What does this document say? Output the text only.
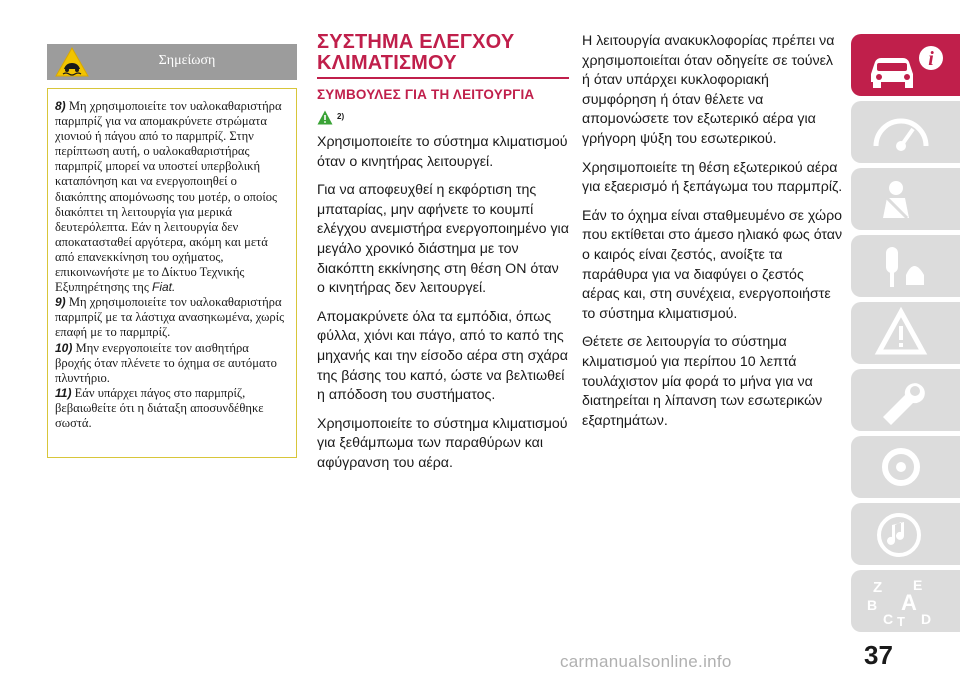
Σημείωση

8) Μη χρησιμοποιείτε τον υαλοκαθαριστήρα παρμπρίζ για να απομακρύνετε στρώματα χιονιού ή πάγου από το παρμπρίζ. Στην περίπτωση αυτή, ο υαλοκαθαριστήρας παρμπρίζ μπορεί να υποστεί υπερβολική καταπόνηση και να ενεργοποιηθεί ο διακόπτης απομόνωσης του μοτέρ, ο οποίος διακόπτει τη λειτουργία για μερικά δευτερόλεπτα. Εάν η λειτουργία δεν αποκατασταθεί αργότερα, ακόμη και μετά από επανεκκίνηση του οχήματος, επικοινωνήστε με το Δίκτυο Τεχνικής Εξυπηρέτησης της Fiat.

9) Μη χρησιμοποιείτε τον υαλοκαθαριστήρα παρμπρίζ με τα λάστιχα ανασηκωμένα, χωρίς επαφή με το παρμπρίζ.

10) Μην ενεργοποιείτε τον αισθητήρα βροχής όταν πλένετε το όχημα σε αυτόματο πλυντήριο.

11) Εάν υπάρχει πάγος στο παρμπρίζ, βεβαιωθείτε ότι η διάταξη αποσυνδέθηκε σωστά.

ΣΥΣΤΗΜΑ ΕΛΕΓΧΟΥ
ΚΛΙΜΑΤΙΣΜΟΥ
ΣΥΜΒΟΥΛΕΣ ΓΙΑ ΤΗ ΛΕΙΤΟΥΡΓΙΑ
2)

Χρησιμοποιείτε το σύστημα κλιματισμού όταν ο κινητήρας λειτουργεί.

Για να αποφευχθεί η εκφόρτιση της μπαταρίας, μην αφήνετε το κουμπί ελέγχου ανεμιστήρα ενεργοποιημένο για μεγάλο χρονικό διάστημα με τον διακόπτη εκκίνησης στη θέση ON όταν ο κινητήρας δεν λειτουργεί.

Απομακρύνετε όλα τα εμπόδια, όπως φύλλα, χιόνι και πάγο, από το καπό της μηχανής και την είσοδο αέρα στη σχάρα της βάσης του καπό, ώστε να βελτιωθεί η απόδοση του συστήματος.

Χρησιμοποιείτε το σύστημα κλιματισμού για ξεθάμπωμα των παραθύρων και αφύγρανση του αέρα.

Η λειτουργία ανακυκλοφορίας πρέπει να χρησιμοποιείται όταν οδηγείτε σε τούνελ ή όταν υπάρχει κυκλοφοριακή συμφόρηση ή όταν θέλετε να απομονώσετε τον εξωτερικό αέρα για γρήγορη ψύξη του εσωτερικού.

Χρησιμοποιείτε τη θέση εξωτερικού αέρα για εξαερισμό ή ξεπάγωμα του παρμπρίζ.

Εάν το όχημα είναι σταθμευμένο σε χώρο που εκτίθεται στο άμεσο ηλιακό φως όταν ο καιρός είναι ζεστός, ανοίξτε τα παράθυρα για να διαφύγει ο ζεστός αέρας και, στη συνέχεια, ενεργοποιήστε το σύστημα κλιματισμού.

Θέτετε σε λειτουργία το σύστημα κλιματισμού για περίπου 10 λεπτά τουλάχιστον μία φορά το μήνα για να διατηρείται η λίπανση των εσωτερικών εξαρτημάτων.

i
Z E
B A
C T D
37
carmanualsonline.info
